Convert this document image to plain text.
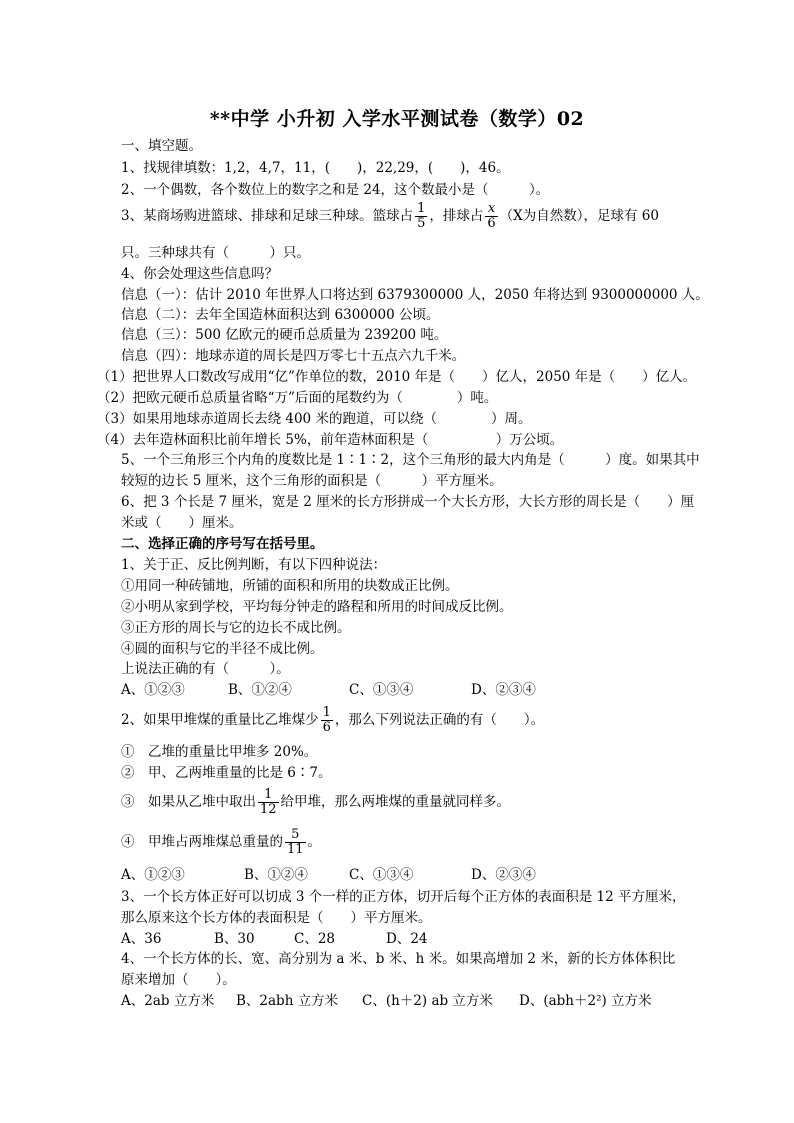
**中学 小升初 入学水平测试卷（数学）02
一、填空题。
1、找规律填数：1,2，4,7，11，(　　)，22,29，(　　)，46。
2、一个偶数，各个数位上的数字之和是 24，这个数最小是（　　　）。
3、某商场购进篮球、排球和足球三种球。篮球占 $\frac{1}{5}$ ，排球占 $\frac{x}{6} (X$为自然数），足球有 60
只。三种球共有（　　　）只。
4、你会处理这些信息吗？
信息（一）：估计 2010 年世界人口将达到 6379300000 人，2050 年将达到 9300000000 人。
信息（二）：去年全国造林面积达到 6300000 公顷。
信息（三）：500 亿欧元的硬币总质量为 239200 吨。
信息（四）：地球赤道的周长是四万零七十五点六九千米。
（1）把世界人口数改写成用“亿”作单位的数，2010 年是（　　）亿人，2050 年是（　　）亿人。
（2）把欧元硬币总质量省略“万”后面的尾数约为（　　　　）吨。
（3）如果用地球赤道周长去绕 400 米的跑道，可以绕（　　　　）周。
（4）去年造林面积比前年增长 5%，前年造林面积是（　　　　　）万公顷。
5、一个三角形三个内角的度数比是 1∶1∶2，这个三角形的最大内角是（　　　）度。如果其中
较短的边长 5 厘米，这个三角形的面积是（　　　）平方厘米。
6、把 3 个长是 7 厘米，宽是 2 厘米的长方形拼成一个大长方形，大长方形的周长是（　　）厘
米或（　　）厘米。
二、选择正确的序号写在括号里。
1、关于正、反比例判断，有以下四种说法：
①用同一种砖铺地，所铺的面积和所用的块数成正比例。
②小明从家到学校，平均每分钟走的路程和所用的时间成反比例。
③正方形的周长与它的边长不成比例。
④圆的面积与它的半径不成比例。
上说法正确的有（　　　）。
A、①②③	B、①②④	C、①③④	D、②③④
2、如果甲堆煤的重量比乙堆煤少 $\frac{1}{6}$ ，那么下列说法正确的有（　　）。
①　乙堆的重量比甲堆多 20%。
②　甲、乙两堆重量的比是 6∶7。
③　如果从乙堆中取出 $\frac{1}{12}$ 给甲堆，那么两堆煤的重量就同样多。
④　甲堆占两堆煤总重量的 $\frac{5}{11}$ 。
A、①②③	B、①②④	C、①③④	D、②③④
3、一个长方体正好可以切成 3 个一样的正方体，切开后每个正方体的表面积是 12 平方厘米，
那么原来这个长方体的表面积是（　　）平方厘米。
A、36	B、30	C、28	D、24
4、一个长方体的长、宽、高分别为 a 米、b 米、h 米。如果高增加 2 米，新的长方体体积比
原来增加（　　）。
A、2ab 立方米 B、2abh 立方米 C、(h＋2) ab 立方米 D、(abh＋2²) 立方米
